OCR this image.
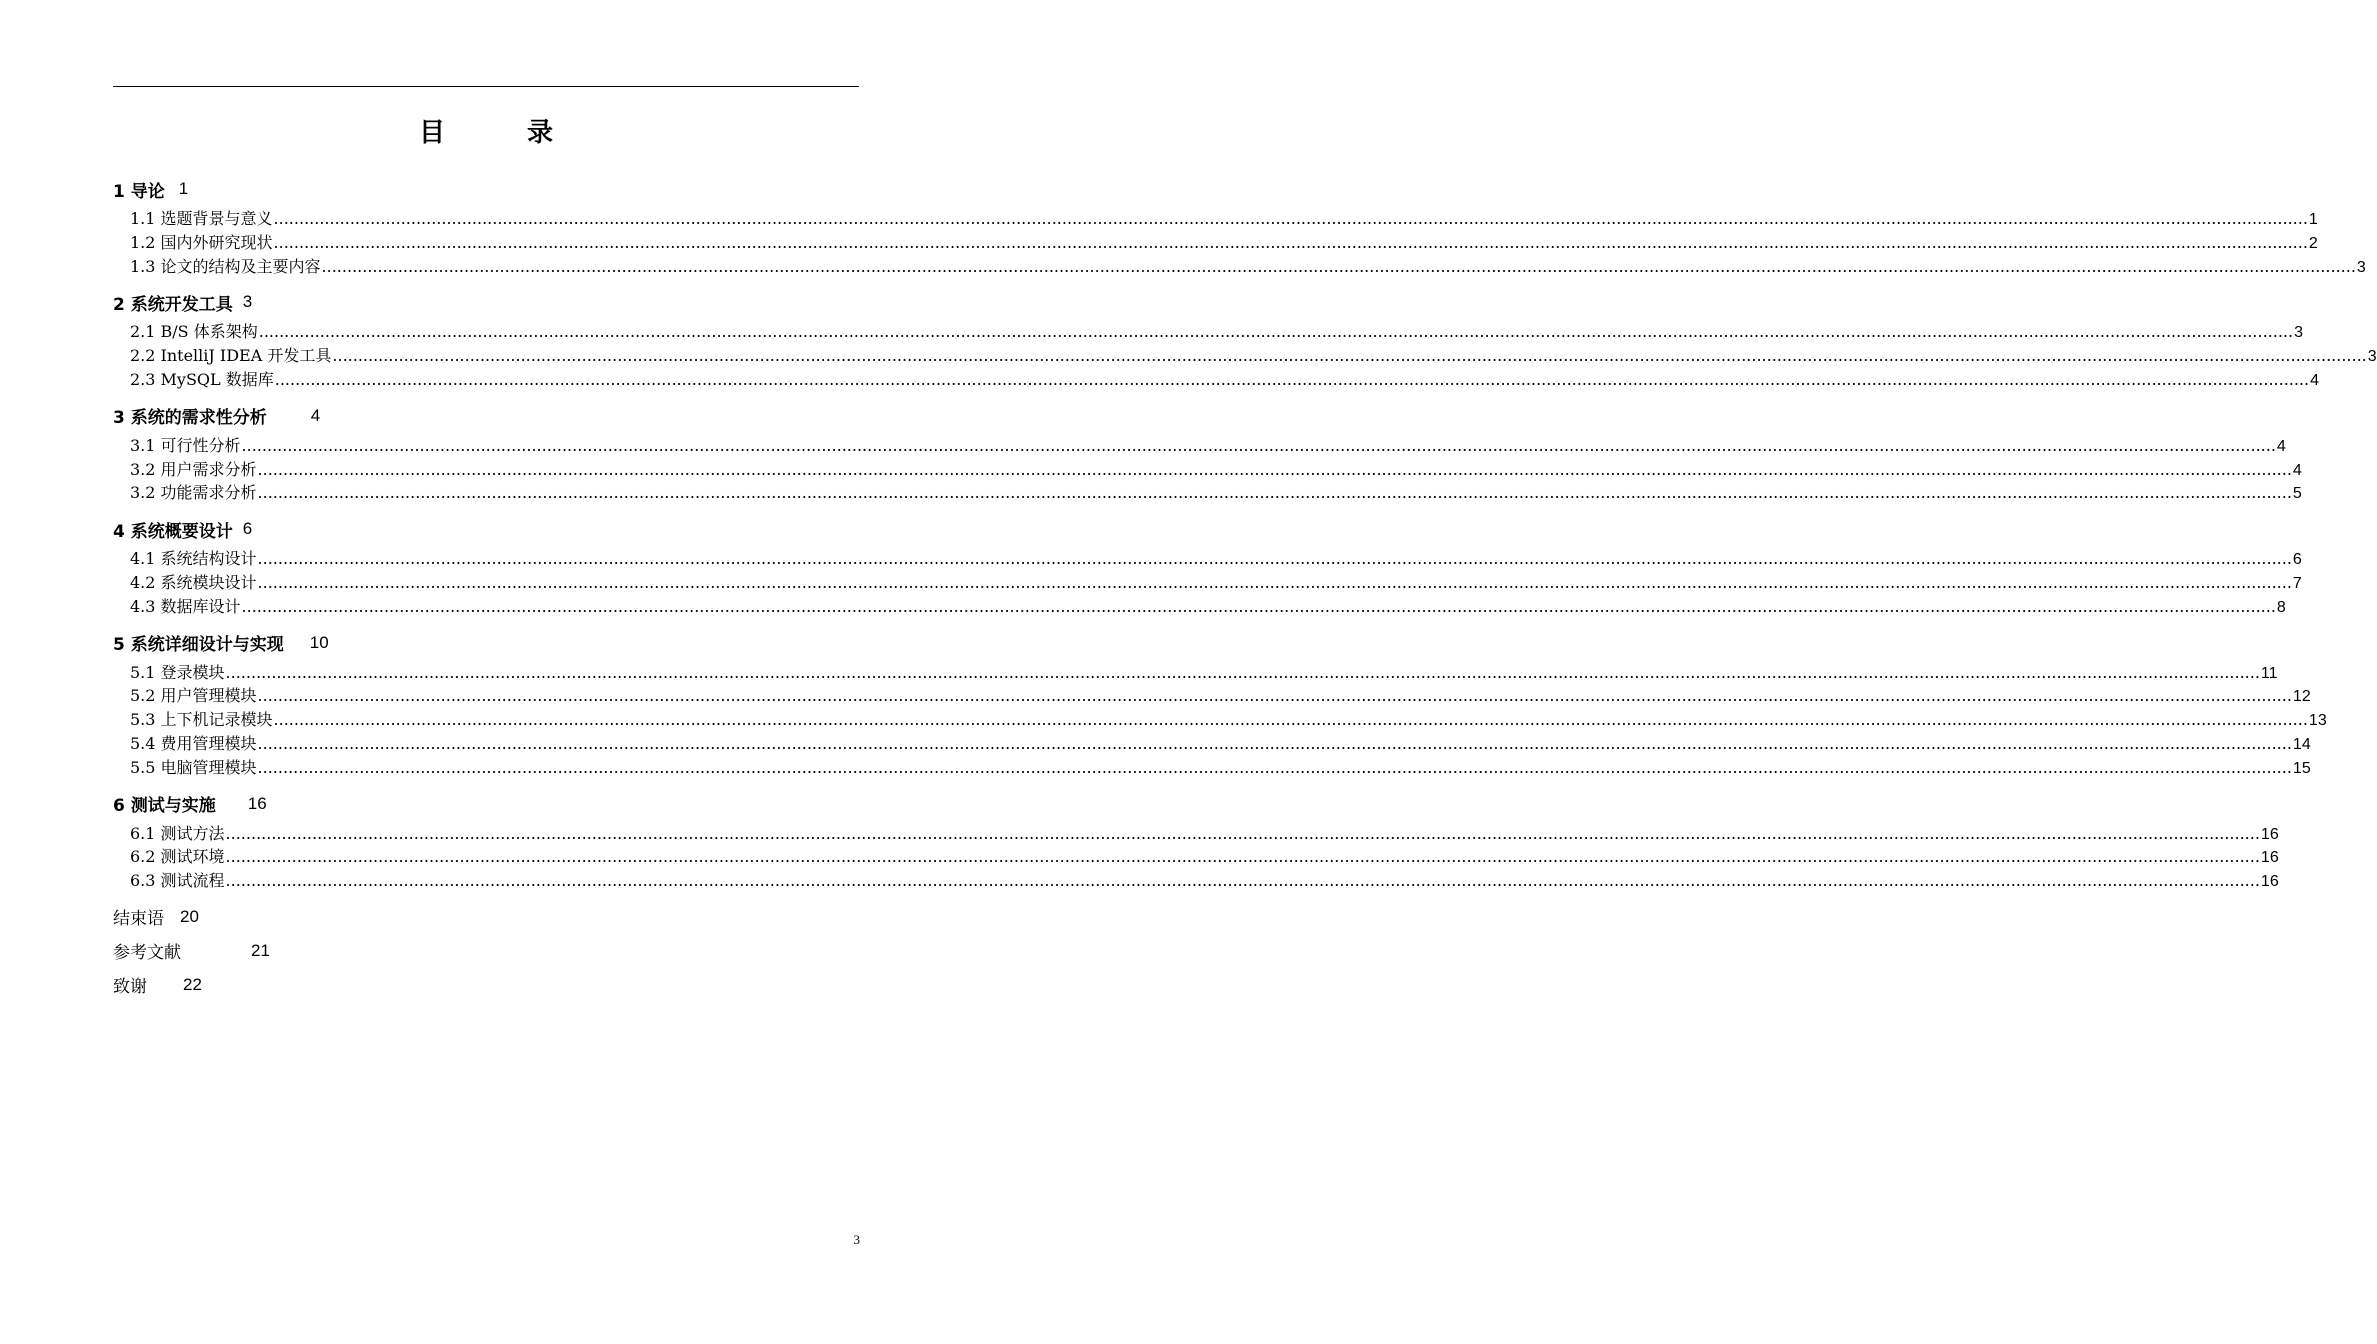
目　录
1 导论 1
1.1 选题背景与意义 ................................................................................................................................................................................................................................................................................................................................................................................................................ 1
1.2 国内外研究现状 ................................................................................................................................................................................................................................................................................................................................................................................................................ 2
1.3 论文的结构及主要内容 ................................................................................................................................................................................................................................................................................................................................................................................................................ 3
2 系统开发工具 3
2.1 B/S 体系架构 ................................................................................................................................................................................................................................................................................................................................................................................................................ 3
2.2 IntelliJ IDEA 开发工具 ................................................................................................................................................................................................................................................................................................................................................................................................................ 3
2.3 MySQL 数据库 ................................................................................................................................................................................................................................................................................................................................................................................................................ 4
3 系统的需求性分析	4
3.1 可行性分析 ................................................................................................................................................................................................................................................................................................................................................................................................................ 4
3.2 用户需求分析 ................................................................................................................................................................................................................................................................................................................................................................................................................ 4
3.2 功能需求分析 ................................................................................................................................................................................................................................................................................................................................................................................................................ 5
4 系统概要设计 6
4.1 系统结构设计 ................................................................................................................................................................................................................................................................................................................................................................................................................ 6
4.2 系统模块设计 ................................................................................................................................................................................................................................................................................................................................................................................................................ 7
4.3 数据库设计 ................................................................................................................................................................................................................................................................................................................................................................................................................ 8
5 系统详细设计与实现 10
5.1 登录模块 ................................................................................................................................................................................................................................................................................................................................................................................................................ 11
5.2 用户管理模块 ................................................................................................................................................................................................................................................................................................................................................................................................................ 12
5.3 上下机记录模块 ................................................................................................................................................................................................................................................................................................................................................................................................................ 13
5.4 费用管理模块 ................................................................................................................................................................................................................................................................................................................................................................................................................ 14
5.5 电脑管理模块 ................................................................................................................................................................................................................................................................................................................................................................................................................ 15
6 测试与实施 16
6.1 测试方法 ................................................................................................................................................................................................................................................................................................................................................................................................................ 16
6.2 测试环境 ................................................................................................................................................................................................................................................................................................................................................................................................................ 16
6.3 测试流程 ................................................................................................................................................................................................................................................................................................................................................................................................................ 16
结束语 20
参考文献	21
致谢 22
3
